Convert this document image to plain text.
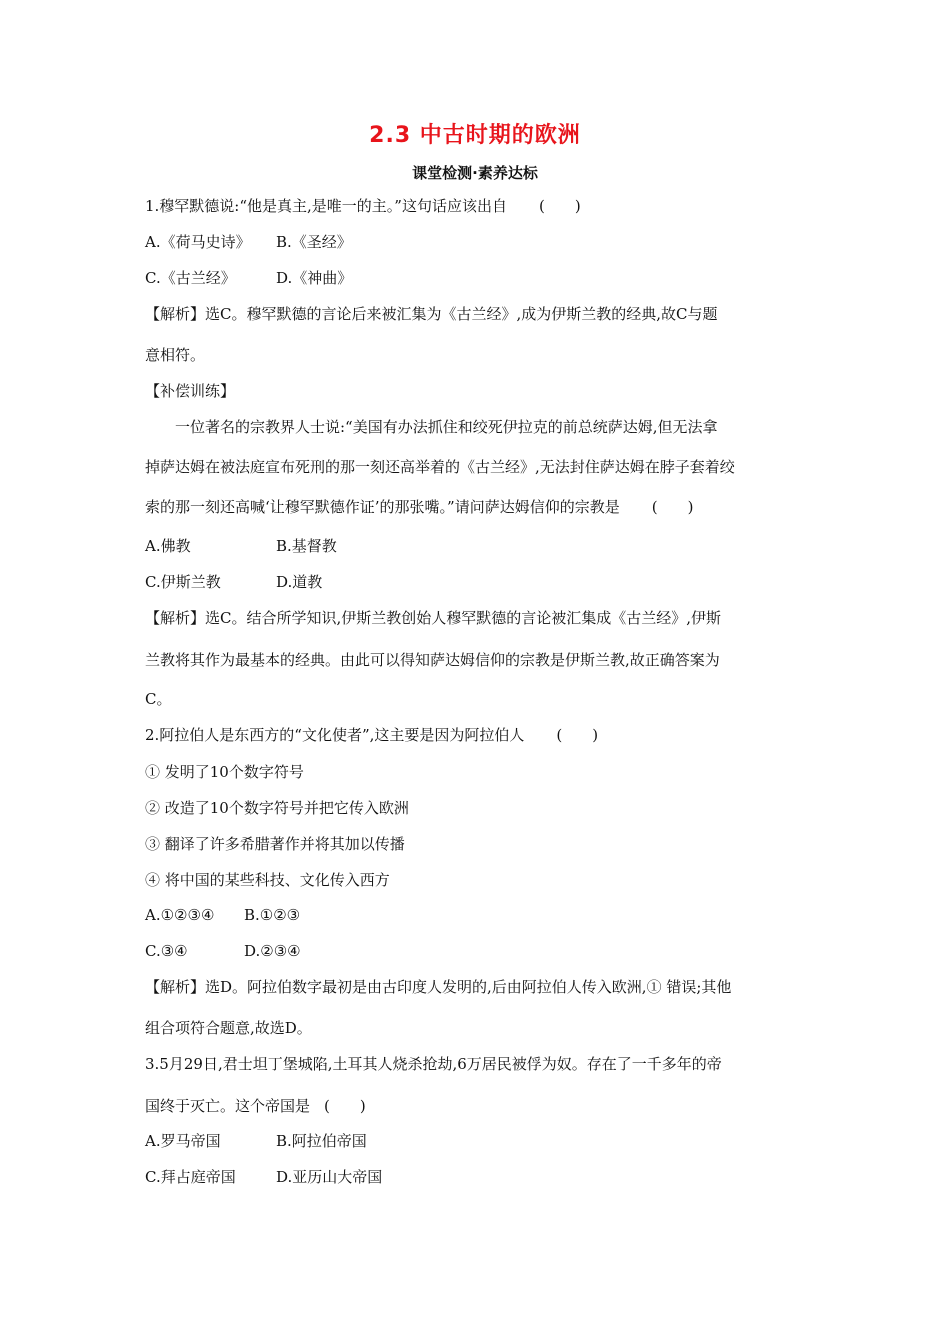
2.3 中古时期的欧洲
课堂检测·素养达标
1.穆罕默德说:“他是真主,是唯一的主。”这句话应该出自 (　　)
A.《荷马史诗》 B.《圣经》
C.《古兰经》	D.《神曲》
【解析】选C。穆罕默德的言论后来被汇集为《古兰经》,成为伊斯兰教的经典,故C与题
意相符。
【补偿训练】
一位著名的宗教界人士说:“美国有办法抓住和绞死伊拉克的前总统萨达姆,但无法拿
掉萨达姆在被法庭宣布死刑的那一刻还高举着的《古兰经》,无法封住萨达姆在脖子套着绞
索的那一刻还高喊‘让穆罕默德作证’的那张嘴。”请问萨达姆信仰的宗教是 (　　)
A.佛教	B.基督教
C.伊斯兰教	D.道教
【解析】选C。结合所学知识,伊斯兰教创始人穆罕默德的言论被汇集成《古兰经》,伊斯
兰教将其作为最基本的经典。由此可以得知萨达姆信仰的宗教是伊斯兰教,故正确答案为
C。
2.阿拉伯人是东西方的“文化使者”,这主要是因为阿拉伯人 (　　)
① 发明了10个数字符号
② 改造了10个数字符号并把它传入欧洲
③ 翻译了许多希腊著作并将其加以传播
④ 将中国的某些科技、文化传入西方
A.①②③④ B.①②③
C.③④	D.②③④
【解析】选D。阿拉伯数字最初是由古印度人发明的,后由阿拉伯人传入欧洲,① 错误;其他
组合项符合题意,故选D。
3.5月29日,君士坦丁堡城陷,土耳其人烧杀抢劫,6万居民被俘为奴。存在了一千多年的帝
国终于灭亡。这个帝国是 (　　)
A.罗马帝国	B.阿拉伯帝国
C.拜占庭帝国	D.亚历山大帝国
